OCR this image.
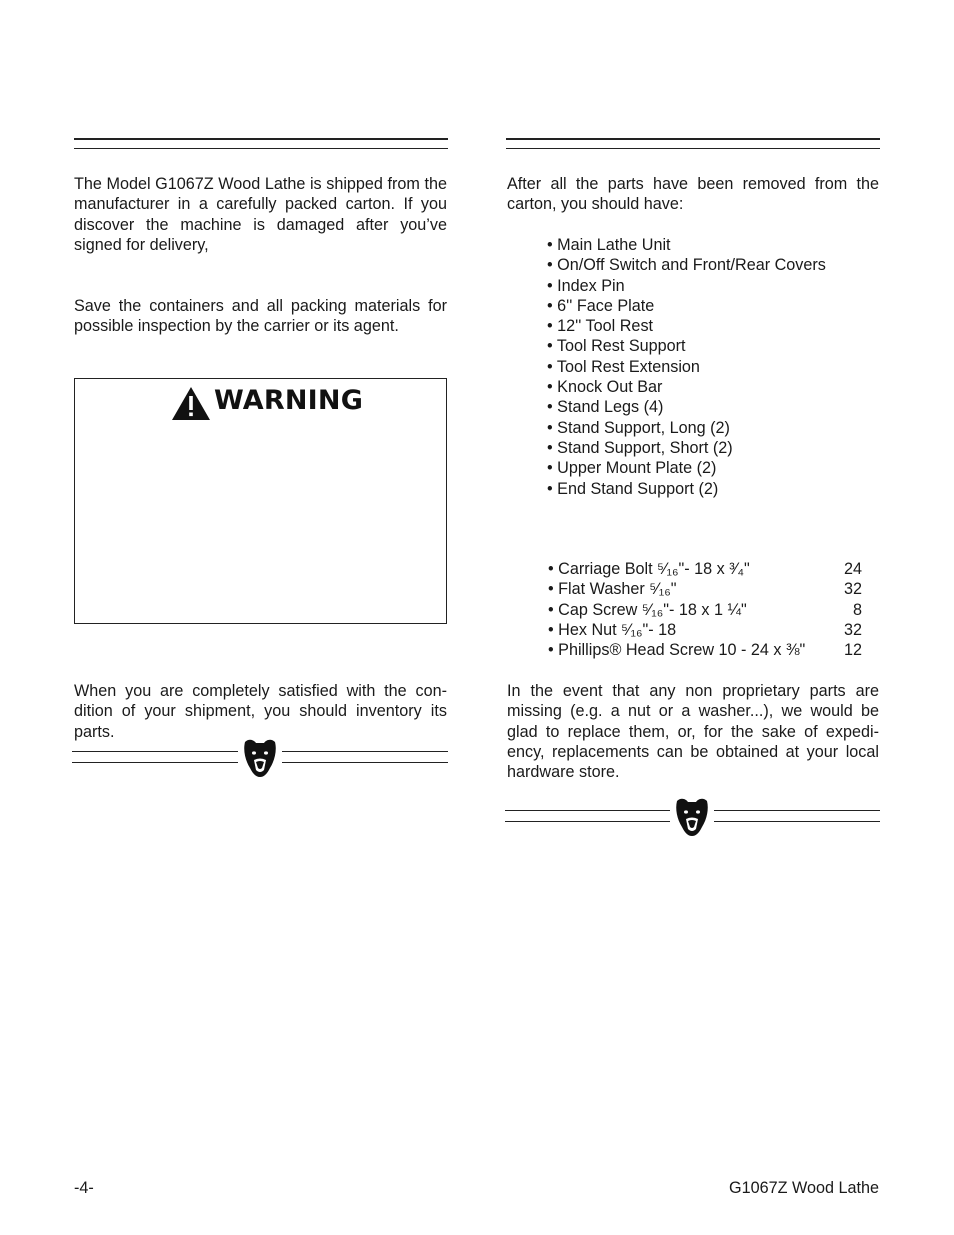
The Model G1067Z Wood Lathe is shipped from the manufacturer in a carefully packed carton. If you discover the machine is damaged after you’ve signed for delivery,

Save the containers and all packing materials for possible inspection by the carrier or its agent.

WARNING

When you are completely satisfied with the con-dition of your shipment, you should inventory its parts.

After all the parts have been removed from the carton, you should have:

• Main Lathe Unit
• On/Off Switch and Front/Rear Covers
• Index Pin
• 6'' Face Plate
• 12'' Tool Rest
• Tool Rest Support
• Tool Rest Extension
• Knock Out Bar
• Stand Legs (4)
• Stand Support, Long (2)
• Stand Support, Short (2)
• Upper Mount Plate (2)
• End Stand Support (2)
• Carriage Bolt ⁵⁄₁₆"- 18 x ³⁄₄"	24
• Flat Washer ⁵⁄₁₆"	32
• Cap Screw ⁵⁄₁₆"- 18 x 1 ¼"	8
• Hex Nut ⁵⁄₁₆"- 18	32
• Phillips® Head Screw 10 - 24 x ⅜"	12

In the event that any non proprietary parts are missing (e.g. a nut or a washer...), we would be glad to replace them, or, for the sake of expedi-ency, replacements can be obtained at your local hardware store.

-4-	G1067Z Wood Lathe
